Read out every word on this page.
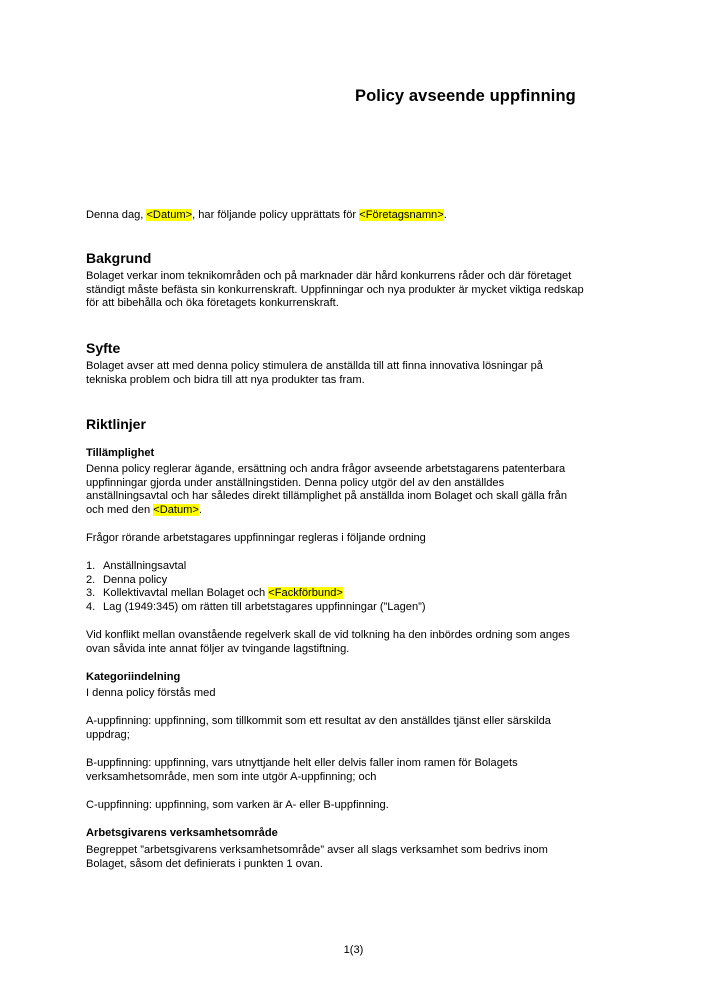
Policy avseende uppfinning
Denna dag, <Datum>, har följande policy upprättats för <Företagsnamn>.
Bakgrund
Bolaget verkar inom teknikområden och på marknader där hård konkurrens råder och där företaget
ständigt måste befästa sin konkurrenskraft. Uppfinningar och nya produkter är mycket viktiga redskap
för att bibehålla och öka företagets konkurrenskraft.
Syfte
Bolaget avser att med denna policy stimulera de anställda till att finna innovativa lösningar på
tekniska problem och bidra till att nya produkter tas fram.
Riktlinjer
Tillämplighet
Denna policy reglerar ägande, ersättning och andra frågor avseende arbetstagarens patenterbara
uppfinningar gjorda under anställningstiden. Denna policy utgör del av den anställdes
anställningsavtal och har således direkt tillämplighet på anställda inom Bolaget och skall gälla från
och med den <Datum>.
Frågor rörande arbetstagares uppfinningar regleras i följande ordning
1. Anställningsavtal
2. Denna policy
3. Kollektivavtal mellan Bolaget och <Fackförbund>
4. Lag (1949:345) om rätten till arbetstagares uppfinningar (”Lagen”)
Vid konflikt mellan ovanstående regelverk skall de vid tolkning ha den inbördes ordning som anges
ovan såvida inte annat följer av tvingande lagstiftning.
Kategoriindelning
I denna policy förstås med
A-uppfinning: uppfinning, som tillkommit som ett resultat av den anställdes tjänst eller särskilda
uppdrag;
B-uppfinning: uppfinning, vars utnyttjande helt eller delvis faller inom ramen för Bolagets
verksamhetsområde, men som inte utgör A-uppfinning; och
C-uppfinning: uppfinning, som varken är A- eller B-uppfinning.
Arbetsgivarens verksamhetsområde
Begreppet ”arbetsgivarens verksamhetsområde” avser all slags verksamhet som bedrivs inom
Bolaget, såsom det definierats i punkten 1 ovan.
1(3)
